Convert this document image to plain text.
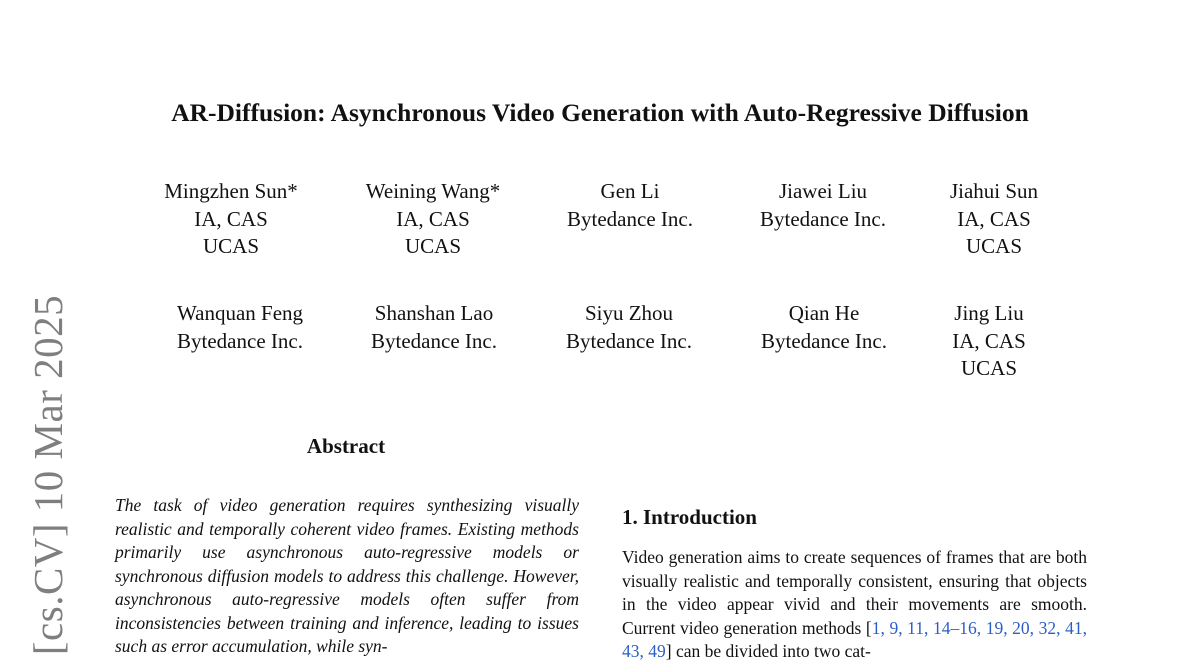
[cs.CV] 10 Mar 2025
AR-Diffusion: Asynchronous Video Generation with Auto-Regressive Diffusion
Mingzhen Sun*
IA, CAS
UCAS
Weining Wang*
IA, CAS
UCAS
Gen Li
Bytedance Inc.
Jiawei Liu
Bytedance Inc.
Jiahui Sun
IA, CAS
UCAS
Wanquan Feng
Bytedance Inc.
Shanshan Lao
Bytedance Inc.
Siyu Zhou
Bytedance Inc.
Qian He
Bytedance Inc.
Jing Liu
IA, CAS
UCAS
Abstract

The task of video generation requires synthesizing visually realistic and temporally coherent video frames. Existing methods primarily use asynchronous auto-regressive models or synchronous diffusion models to address this challenge. However, asynchronous auto-regressive models often suffer from inconsistencies between training and inference, leading to issues such as error accumulation, while syn-

1. Introduction

Video generation aims to create sequences of frames that are both visually realistic and temporally consistent, ensuring that objects in the video appear vivid and their movements are smooth. Current video generation methods [1, 9, 11, 14–16, 19, 20, 32, 41, 43, 49] can be divided into two cat-
